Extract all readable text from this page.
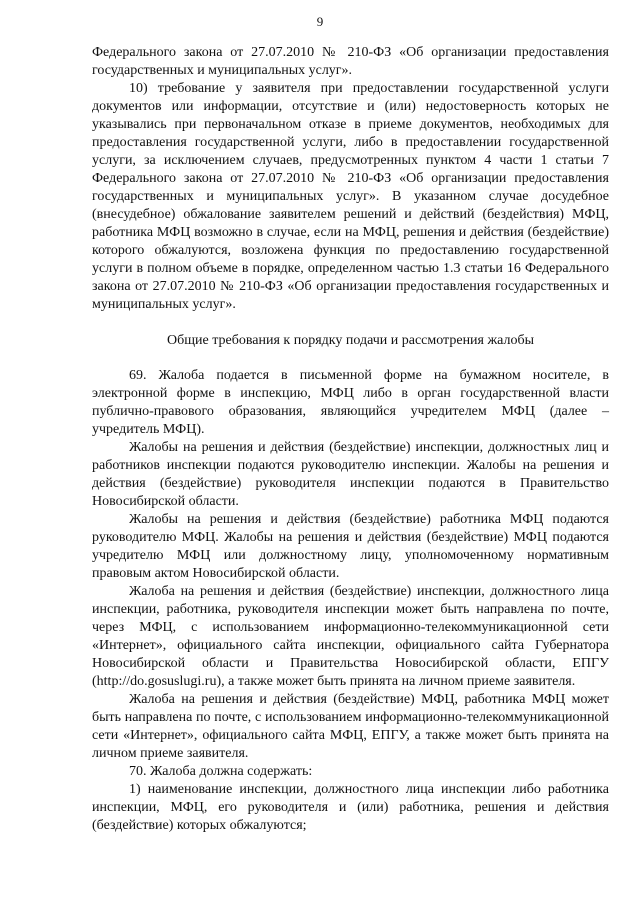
9

Федерального закона от 27.07.2010 № 210-ФЗ «Об организации предоставления государственных и муниципальных услуг».

10) требование у заявителя при предоставлении государственной услуги документов или информации, отсутствие и (или) недостоверность которых не указывались при первоначальном отказе в приеме документов, необходимых для предоставления государственной услуги, либо в предоставлении государственной услуги, за исключением случаев, предусмотренных пунктом 4 части 1 статьи 7 Федерального закона от 27.07.2010 № 210-ФЗ «Об организации предоставления государственных и муниципальных услуг». В указанном случае досудебное (внесудебное) обжалование заявителем решений и действий (бездействия) МФЦ, работника МФЦ возможно в случае, если на МФЦ, решения и действия (бездействие) которого обжалуются, возложена функция по предоставлению государственной услуги в полном объеме в порядке, определенном частью 1.3 статьи 16 Федерального закона от 27.07.2010 № 210-ФЗ «Об организации предоставления государственных и муниципальных услуг».

Общие требования к порядку подачи и рассмотрения жалобы

69. Жалоба подается в письменной форме на бумажном носителе, в электронной форме в инспекцию, МФЦ либо в орган государственной власти публично-правового образования, являющийся учредителем МФЦ (далее – учредитель МФЦ).

Жалобы на решения и действия (бездействие) инспекции, должностных лиц и работников инспекции подаются руководителю инспекции. Жалобы на решения и действия (бездействие) руководителя инспекции подаются в Правительство Новосибирской области.

Жалобы на решения и действия (бездействие) работника МФЦ подаются руководителю МФЦ. Жалобы на решения и действия (бездействие) МФЦ подаются учредителю МФЦ или должностному лицу, уполномоченному нормативным правовым актом Новосибирской области.

Жалоба на решения и действия (бездействие) инспекции, должностного лица инспекции, работника, руководителя инспекции может быть направлена по почте, через МФЦ, с использованием информационно-телекоммуникационной сети «Интернет», официального сайта инспекции, официального сайта Губернатора Новосибирской области и Правительства Новосибирской области, ЕПГУ (http://do.gosuslugi.ru), а также может быть принята на личном приеме заявителя.

Жалоба на решения и действия (бездействие) МФЦ, работника МФЦ может быть направлена по почте, с использованием информационно-телекоммуникационной сети «Интернет», официального сайта МФЦ, ЕПГУ, а также может быть принята на личном приеме заявителя.

70. Жалоба должна содержать:

1) наименование инспекции, должностного лица инспекции либо работника инспекции, МФЦ, его руководителя и (или) работника, решения и действия (бездействие) которых обжалуются;
